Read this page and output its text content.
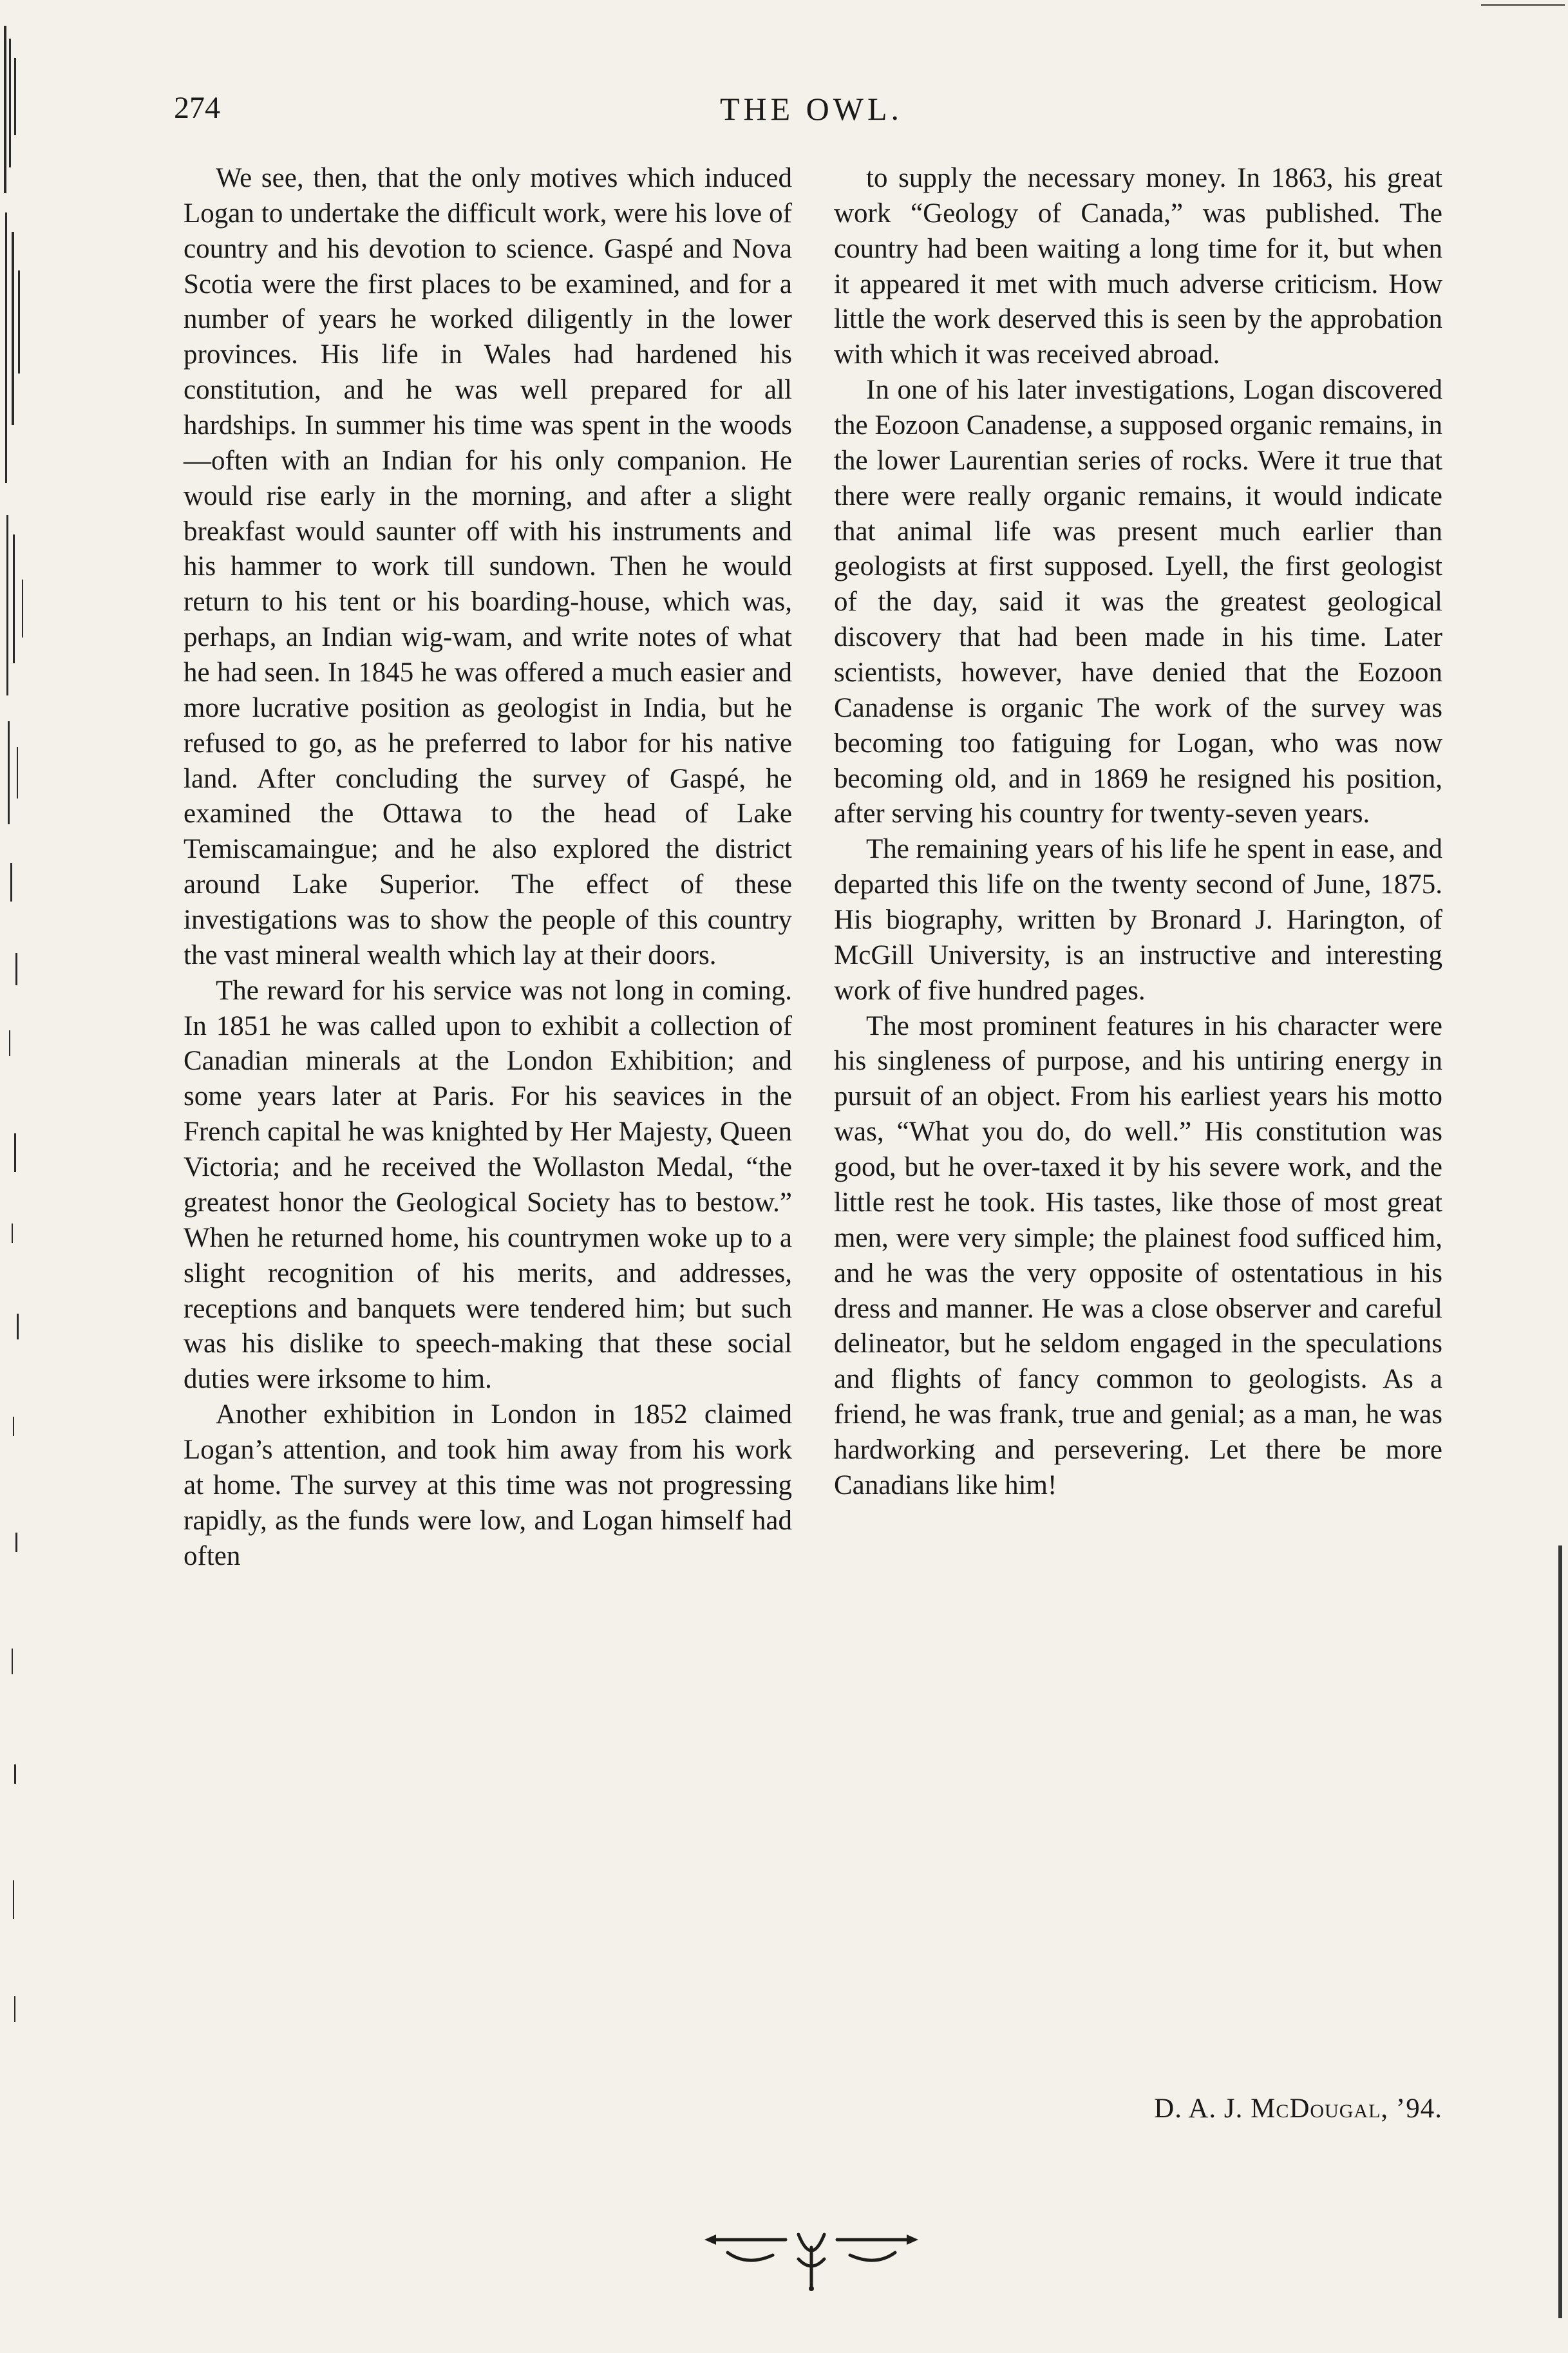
274	THE OWL.

We see, then, that the only motives which induced Logan to undertake the difficult work, were his love of country and his devotion to science. Gaspé and Nova Scotia were the first places to be examined, and for a number of years he worked diligently in the lower provinces. His life in Wales had hardened his constitution, and he was well prepared for all hardships. In summer his time was spent in the woods—often with an Indian for his only companion. He would rise early in the morning, and after a slight breakfast would saunter off with his instruments and his hammer to work till sundown. Then he would return to his tent or his boarding-house, which was, perhaps, an Indian wig-wam, and write notes of what he had seen. In 1845 he was offered a much easier and more lucrative position as geologist in India, but he refused to go, as he preferred to labor for his native land. After concluding the survey of Gaspé, he examined the Ottawa to the head of Lake Temiscamaingue; and he also explored the district around Lake Superior. The effect of these investigations was to show the people of this country the vast mineral wealth which lay at their doors.

The reward for his service was not long in coming. In 1851 he was called upon to exhibit a collection of Canadian minerals at the London Exhibition; and some years later at Paris. For his seavices in the French capital he was knighted by Her Majesty, Queen Victoria; and he received the Wollaston Medal, “the greatest honor the Geological Society has to bestow.” When he returned home, his countrymen woke up to a slight recognition of his merits, and addresses, receptions and banquets were tendered him; but such was his dislike to speech-making that these social duties were irksome to him.

Another exhibition in London in 1852 claimed Logan’s attention, and took him away from his work at home. The survey at this time was not progressing rapidly, as the funds were low, and Logan himself had often

to supply the necessary money. In 1863, his great work “Geology of Canada,” was published. The country had been waiting a long time for it, but when it appeared it met with much adverse criticism. How little the work deserved this is seen by the approbation with which it was received abroad.

In one of his later investigations, Logan discovered the Eozoon Canadense, a supposed organic remains, in the lower Laurentian series of rocks. Were it true that there were really organic remains, it would indicate that animal life was present much earlier than geologists at first supposed. Lyell, the first geologist of the day, said it was the greatest geological discovery that had been made in his time. Later scientists, however, have denied that the Eozoon Canadense is organic The work of the survey was becoming too fatiguing for Logan, who was now becoming old, and in 1869 he resigned his position, after serving his country for twenty-seven years.

The remaining years of his life he spent in ease, and departed this life on the twenty second of June, 1875. His biography, written by Bronard J. Harington, of McGill University, is an instructive and interesting work of five hundred pages.

The most prominent features in his character were his singleness of purpose, and his untiring energy in pursuit of an object. From his earliest years his motto was, “What you do, do well.” His constitution was good, but he over-taxed it by his severe work, and the little rest he took. His tastes, like those of most great men, were very simple; the plainest food sufficed him, and he was the very opposite of ostentatious in his dress and manner. He was a close observer and careful delineator, but he seldom engaged in the speculations and flights of fancy common to geologists. As a friend, he was frank, true and genial; as a man, he was hardworking and persevering. Let there be more Canadians like him!

D. A. J. McDougal, ’94.
